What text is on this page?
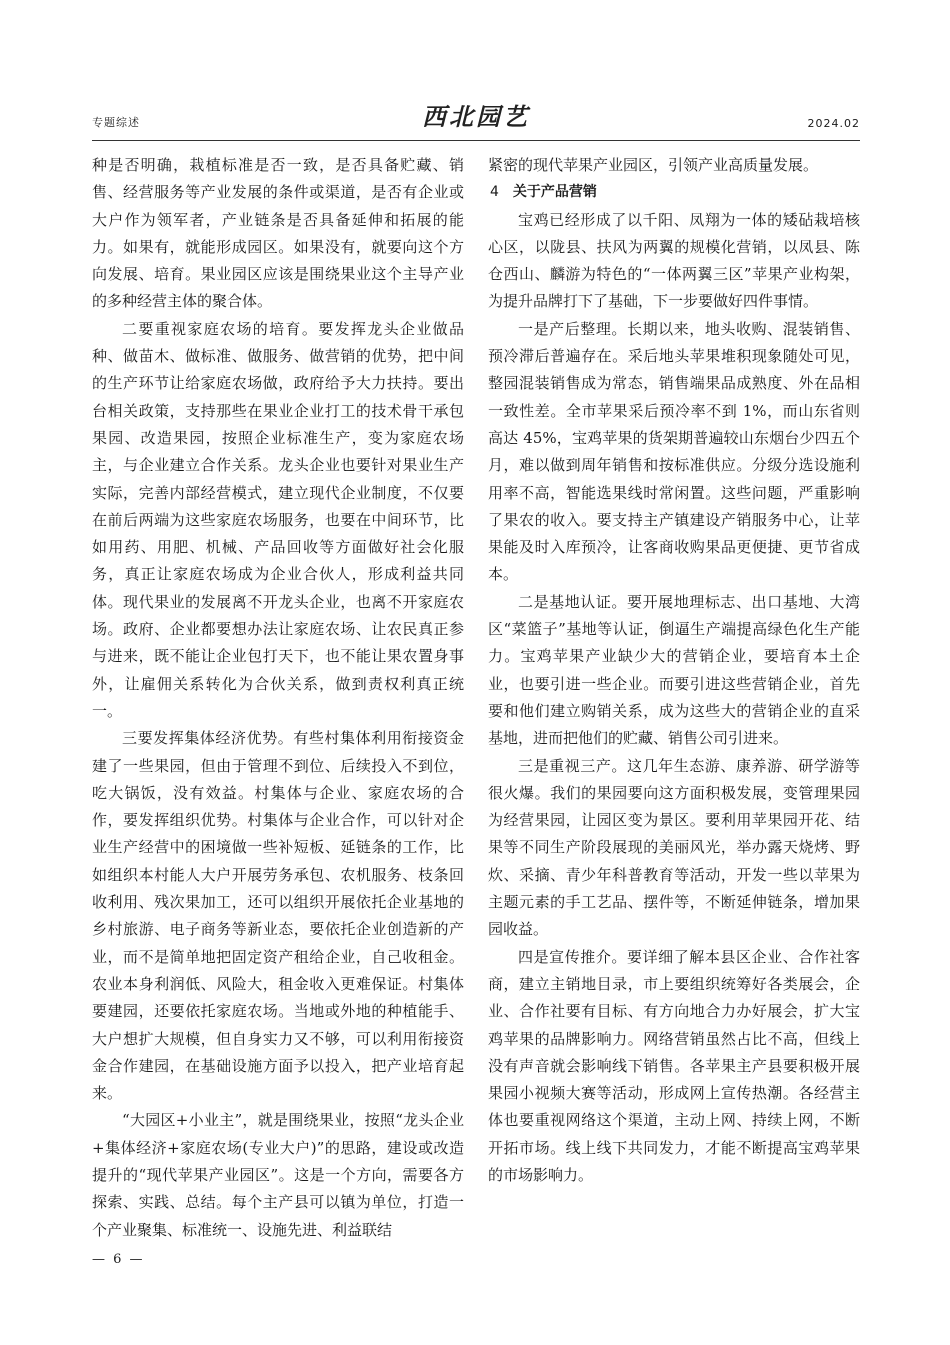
专题综述	西北园艺	2024.02

种是否明确，栽植标准是否一致，是否具备贮藏、销售、经营服务等产业发展的条件或渠道，是否有企业或大户作为领军者，产业链条是否具备延伸和拓展的能力。如果有，就能形成园区。如果没有，就要向这个方向发展、培育。果业园区应该是围绕果业这个主导产业的多种经营主体的聚合体。

二要重视家庭农场的培育。要发挥龙头企业做品种、做苗木、做标准、做服务、做营销的优势，把中间的生产环节让给家庭农场做，政府给予大力扶持。要出台相关政策，支持那些在果业企业打工的技术骨干承包果园、改造果园，按照企业标准生产，变为家庭农场主，与企业建立合作关系。龙头企业也要针对果业生产实际，完善内部经营模式，建立现代企业制度，不仅要在前后两端为这些家庭农场服务，也要在中间环节，比如用药、用肥、机械、产品回收等方面做好社会化服务，真正让家庭农场成为企业合伙人，形成利益共同体。现代果业的发展离不开龙头企业，也离不开家庭农场。政府、企业都要想办法让家庭农场、让农民真正参与进来，既不能让企业包打天下，也不能让果农置身事外，让雇佣关系转化为合伙关系，做到责权利真正统一。

三要发挥集体经济优势。有些村集体利用衔接资金建了一些果园，但由于管理不到位、后续投入不到位，吃大锅饭，没有效益。村集体与企业、家庭农场的合作，要发挥组织优势。村集体与企业合作，可以针对企业生产经营中的困境做一些补短板、延链条的工作，比如组织本村能人大户开展劳务承包、农机服务、枝条回收利用、残次果加工，还可以组织开展依托企业基地的乡村旅游、电子商务等新业态，要依托企业创造新的产业，而不是简单地把固定资产租给企业，自己收租金。农业本身利润低、风险大，租金收入更难保证。村集体要建园，还要依托家庭农场。当地或外地的种植能手、大户想扩大规模，但自身实力又不够，可以利用衔接资金合作建园，在基础设施方面予以投入，把产业培育起来。

“大园区+小业主”，就是围绕果业，按照“龙头企业+集体经济+家庭农场(专业大户)”的思路，建设或改造提升的“现代苹果产业园区”。这是一个方向，需要各方探索、实践、总结。每个主产县可以镇为单位，打造一个产业聚集、标准统一、设施先进、利益联结

紧密的现代苹果产业园区，引领产业高质量发展。

4 关于产品营销

宝鸡已经形成了以千阳、凤翔为一体的矮砧栽培核心区，以陇县、扶风为两翼的规模化营销，以凤县、陈仓西山、麟游为特色的“一体两翼三区”苹果产业构架，为提升品牌打下了基础，下一步要做好四件事情。

一是产后整理。长期以来，地头收购、混装销售、预冷滞后普遍存在。采后地头苹果堆积现象随处可见，整园混装销售成为常态，销售端果品成熟度、外在品相一致性差。全市苹果采后预冷率不到 1%，而山东省则高达 45%，宝鸡苹果的货架期普遍较山东烟台少四五个月，难以做到周年销售和按标准供应。分级分选设施利用率不高，智能选果线时常闲置。这些问题，严重影响了果农的收入。要支持主产镇建设产销服务中心，让苹果能及时入库预冷，让客商收购果品更便捷、更节省成本。

二是基地认证。要开展地理标志、出口基地、大湾区“菜篮子”基地等认证，倒逼生产端提高绿色化生产能力。宝鸡苹果产业缺少大的营销企业，要培育本土企业，也要引进一些企业。而要引进这些营销企业，首先要和他们建立购销关系，成为这些大的营销企业的直采基地，进而把他们的贮藏、销售公司引进来。

三是重视三产。这几年生态游、康养游、研学游等很火爆。我们的果园要向这方面积极发展，变管理果园为经营果园，让园区变为景区。要利用苹果园开花、结果等不同生产阶段展现的美丽风光，举办露天烧烤、野炊、采摘、青少年科普教育等活动，开发一些以苹果为主题元素的手工艺品、摆件等，不断延伸链条，增加果园收益。

四是宣传推介。要详细了解本县区企业、合作社客商，建立主销地目录，市上要组织统筹好各类展会，企业、合作社要有目标、有方向地合力办好展会，扩大宝鸡苹果的品牌影响力。网络营销虽然占比不高，但线上没有声音就会影响线下销售。各苹果主产县要积极开展果园小视频大赛等活动，形成网上宣传热潮。各经营主体也要重视网络这个渠道，主动上网、持续上网，不断开拓市场。线上线下共同发力，才能不断提高宝鸡苹果的市场影响力。

— 6 —
